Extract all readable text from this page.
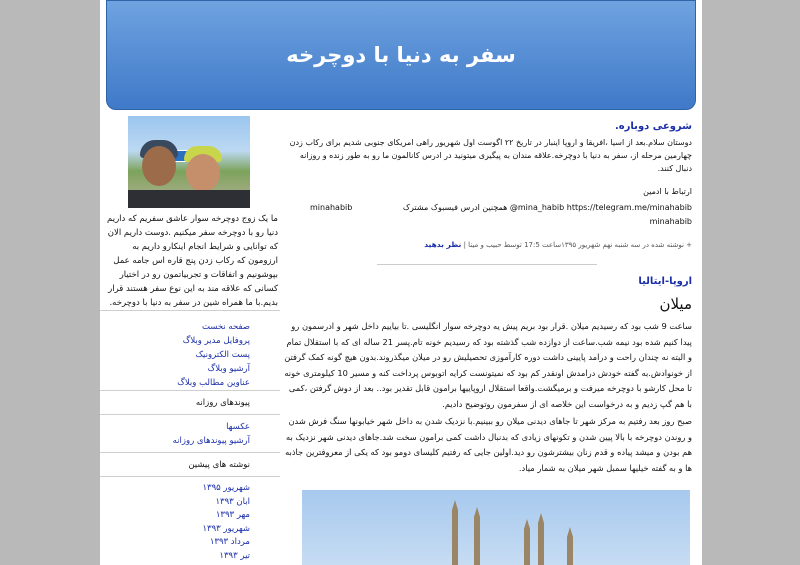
سفر به دنیا با دوچرخه
ما یک زوج دوچرخه سوار عاشق سفریم که داریم دنیا رو با دوچرخه سفر میکنیم .دوست داریم الان که توانایی و شرایط انجام اینکارو داریم به ارزومون که رکاب زدن پنج قاره اس جامه عمل بپوشونیم و اتفاقات و تجربیاتمون رو در اختیار کسانی که علاقه مند به این نوع سفر هستند قرار بدیم.با ما همراه شین در سفر به دنیا با دوچرخه.
صفحه نخست
پروفایل مدیر وبلاگ
پست الکترونیک
آرشیو وبلاگ
عناوین مطالب وبلاگ
پیوندهای روزانه
عکسها
آرشیو پیوندهای روزانه
نوشته های پیشین
شهریور ۱۳۹۵
ابان ۱۳۹۳
مهر ۱۳۹۳
شهریور ۱۳۹۳
مرداد ۱۳۹۳
تیر ۱۳۹۳
شروعی دوباره.
دوستان سلام.بعد از اسیا ،افریقا و اروپا اینبار در تاریخ ۲۲ اگوست اول شهریور راهی امریکای جنوبی شدیم برای رکاب زدن چهارمین مرحله از، سفر به دنیا با دوچرخه.علاقه مندان به پیگیری میتونید در ادرس کانالمون ما رو به طور زنده و روزانه دنبال کنند.
ارتباط با ادمین
mina_habib https://telegram.me/minahabib@ همچنین ادرس فیسبوک مشترک
minahabib
minahabib
+ نوشته شده در سه شنبه نهم شهریور ۱۳۹۵ساعت 17:5 توسط حبیب و مینا | نظر بدهید
اروپا-ایتالیا
میلان
ساعت 9 شب بود که رسیدیم میلان .قرار بود بریم پیش یه دوچرخه سوار انگلیسی .تا بیاییم داخل شهر و ادرسمون رو پیدا کنیم شده بود نیمه شب.ساعت از دوازده شب گذشته بود که رسیدیم خونه تام.پسر 21 ساله ای که با استقلال تمام و البته نه چندان راحت و درامد پایینی داشت دوره کارآموزی تحصیلیش رو در میلان میگذروند.بدون هیچ گونه کمک گرفتن از خونوادش.به گفته خودش درامدش اونقدر کم بود که نمیتونست کرایه اتوبوس پرداخت کنه و مسیر 10 کیلومتری خونه تا محل کارشو با دوچرخه میرفت و برمیگشت.واقعا استقلال اروپاییها برامون قابل تقدیر بود.. بعد از دوش گرفتن ،کمی با هم گپ زدیم و به درخواست این خلاصه ای از سفرمون روتوضیح دادیم.
صبح روز بعد رفتیم به مرکز شهر تا جاهای دیدنی میلان رو ببینیم.با نزدیک شدن به داخل شهر خیابونها سنگ فرش شدن و روندن دوچرخه با بالا پیین شدن و تکونهای زیادی که بدنبال داشت کمی برامون سخت شد.جاهای دیدنی شهر نزدیک به هم بودن و میشد پیاده و قدم زنان بیشترشون رو دید.اولین جایی که رفتیم کلیسای دومو بود که یکی از معروفترین جاذبه ها و به گفته خیلیها سمبل شهر میلان به شمار میاد.
